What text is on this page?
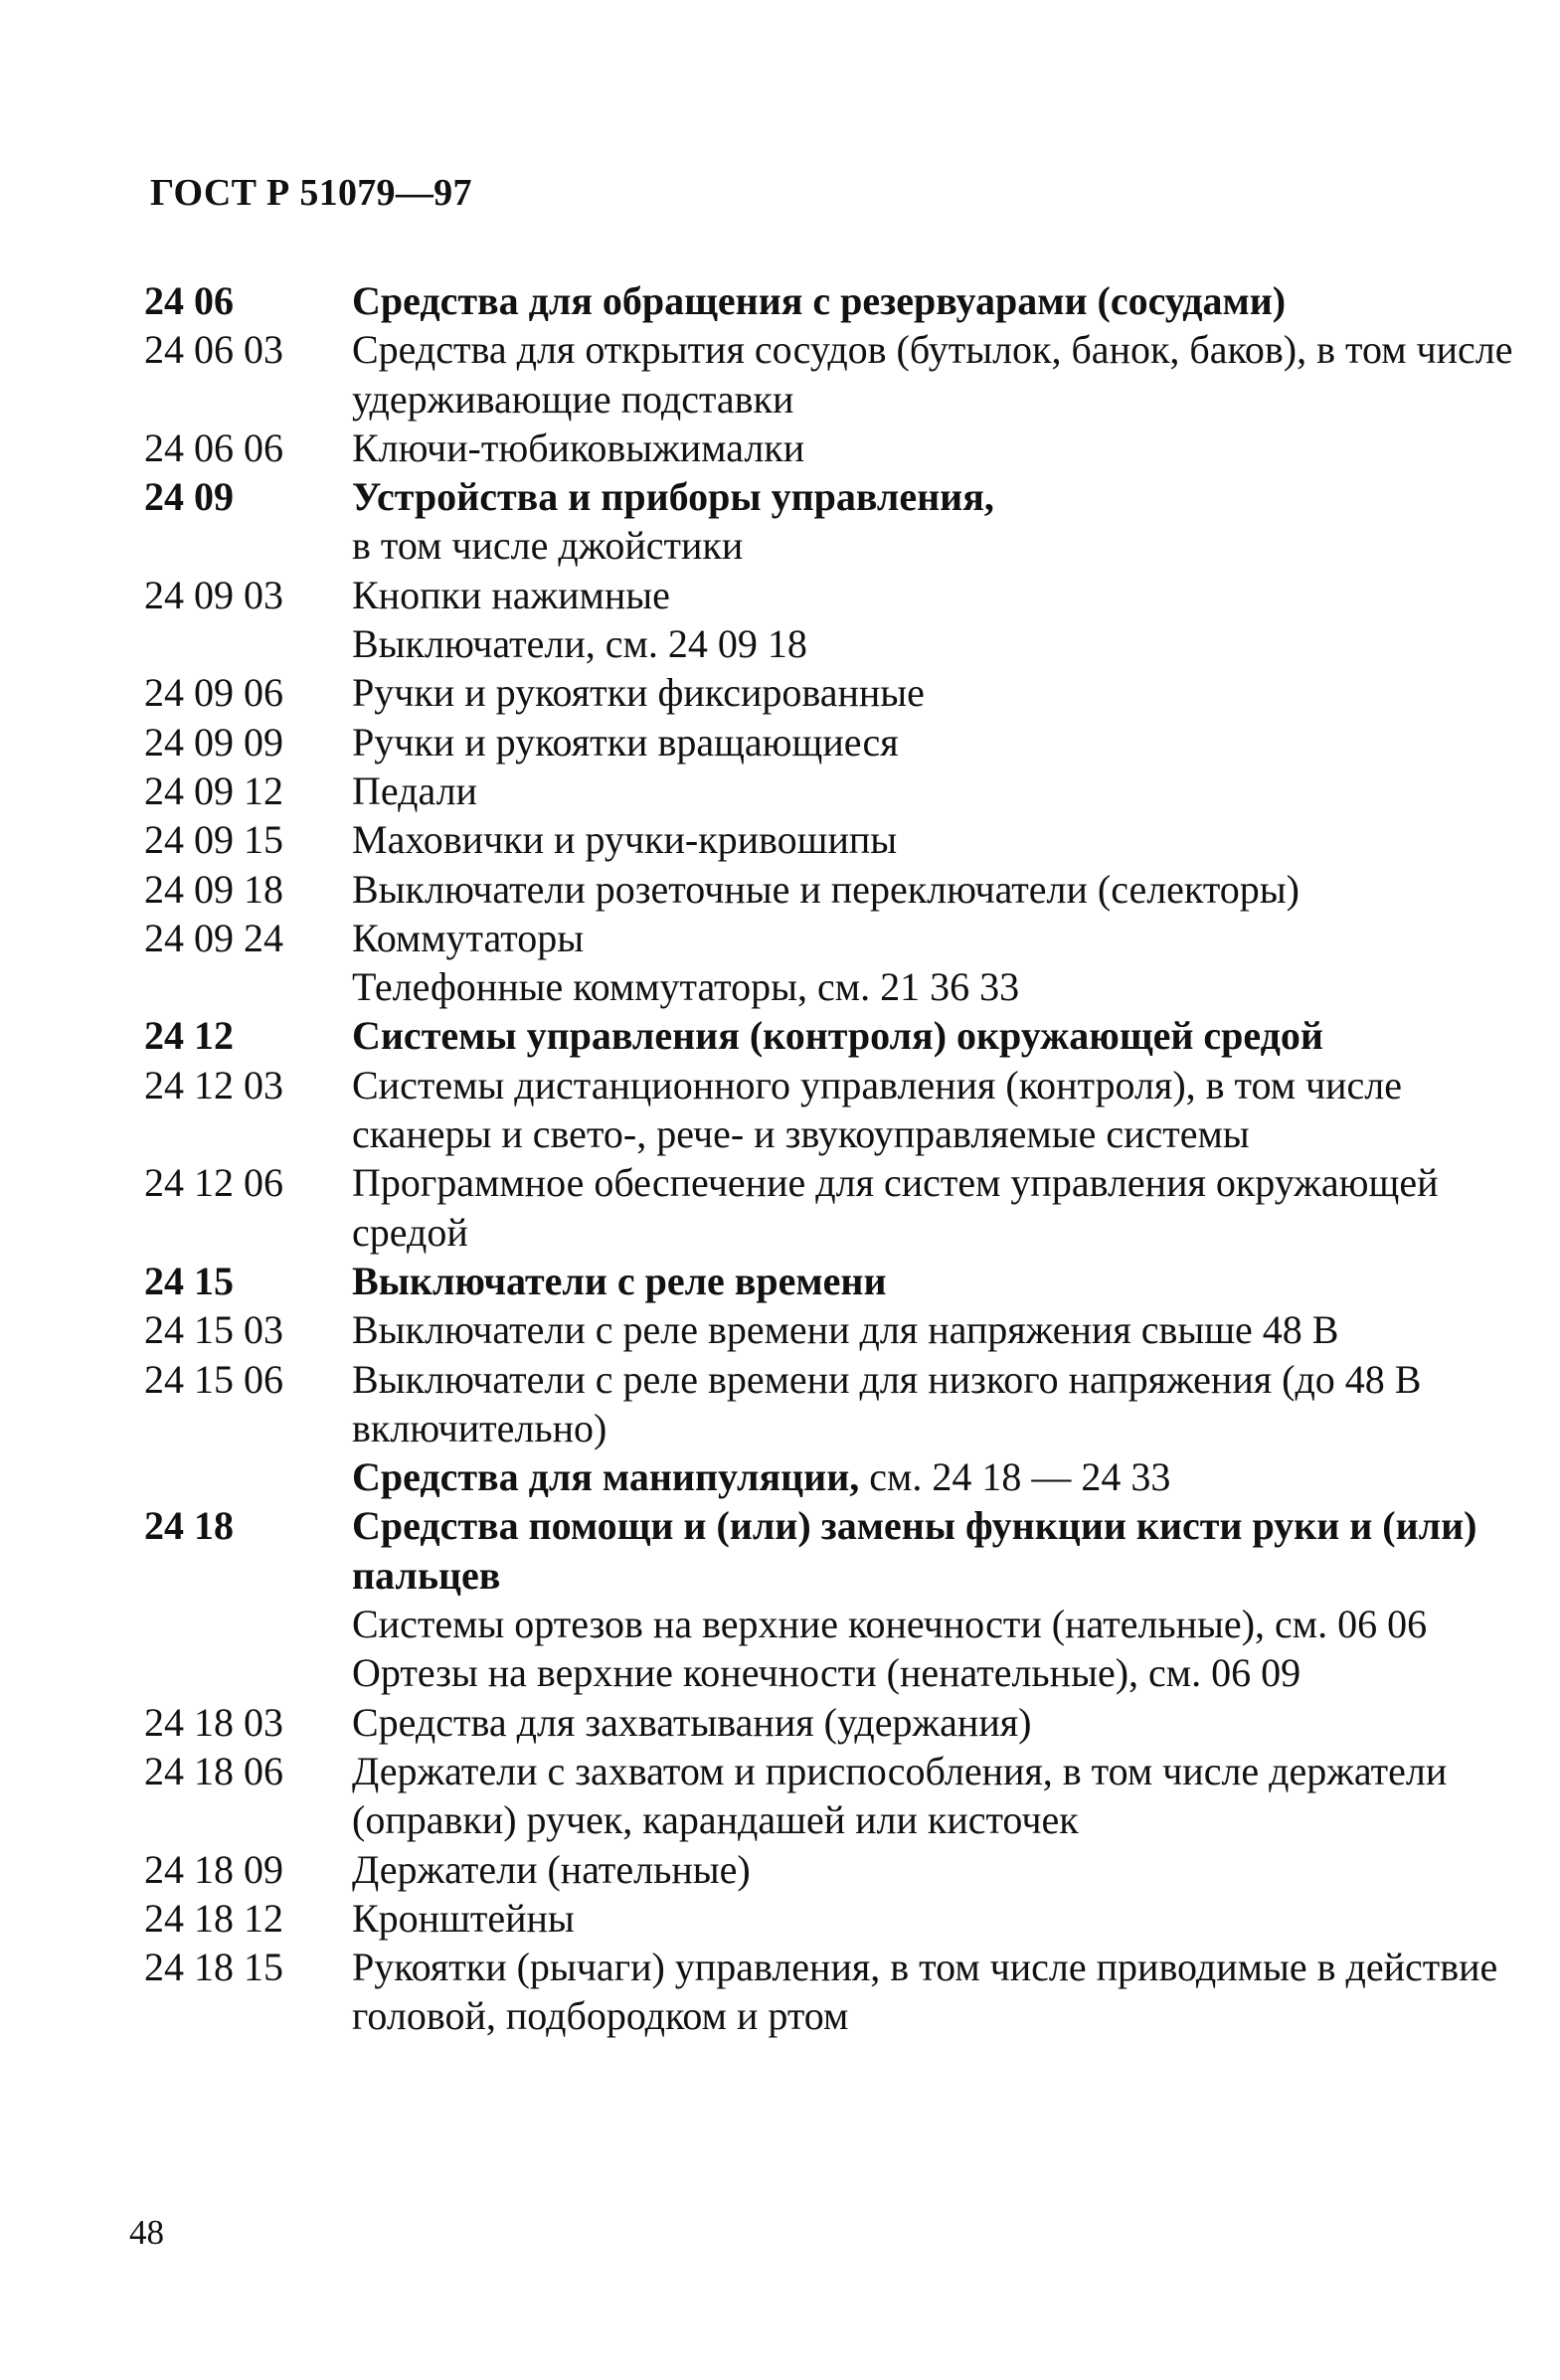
ГОСТ Р 51079—97
24 06	Средства для обращения с резервуарами (сосудами)
24 06 03	Средства для открытия сосудов (бутылок, банок, баков), в том числе удерживающие подставки
24 06 06	Ключи-тюбиковыжималки
24 09	Устройства и приборы управления,
в том числе джойстики
24 09 03	Кнопки нажимные
Выключатели, см. 24 09 18
24 09 06	Ручки и рукоятки фиксированные
24 09 09	Ручки и рукоятки вращающиеся
24 09 12	Педали
24 09 15	Маховички и ручки-кривошипы
24 09 18	Выключатели розеточные и переключатели (селекторы)
24 09 24	Коммутаторы
Телефонные коммутаторы, см. 21 36 33
24 12	Системы управления (контроля) окружающей средой
24 12 03	Системы дистанционного управления (контроля), в том числе сканеры и свето-, рече- и звукоуправляемые системы
24 12 06	Программное обеспечение для систем управления окружающей средой
24 15	Выключатели с реле времени
24 15 03	Выключатели с реле времени для напряжения свыше 48 В
24 15 06	Выключатели с реле времени для низкого напряжения (до 48 В включительно)
Средства для манипуляции, см. 24 18 — 24 33
24 18	Средства помощи и (или) замены функции кисти руки и (или) пальцев
Системы ортезов на верхние конечности (нательные), см. 06 06
Ортезы на верхние конечности (ненательные), см. 06 09
24 18 03	Средства для захватывания (удержания)
24 18 06	Держатели с захватом и приспособления, в том числе держатели (оправки) ручек, карандашей или кисточек
24 18 09	Держатели (нательные)
24 18 12	Кронштейны
24 18 15	Рукоятки (рычаги) управления, в том числе приводимые в действие головой, подбородком и ртом
48
